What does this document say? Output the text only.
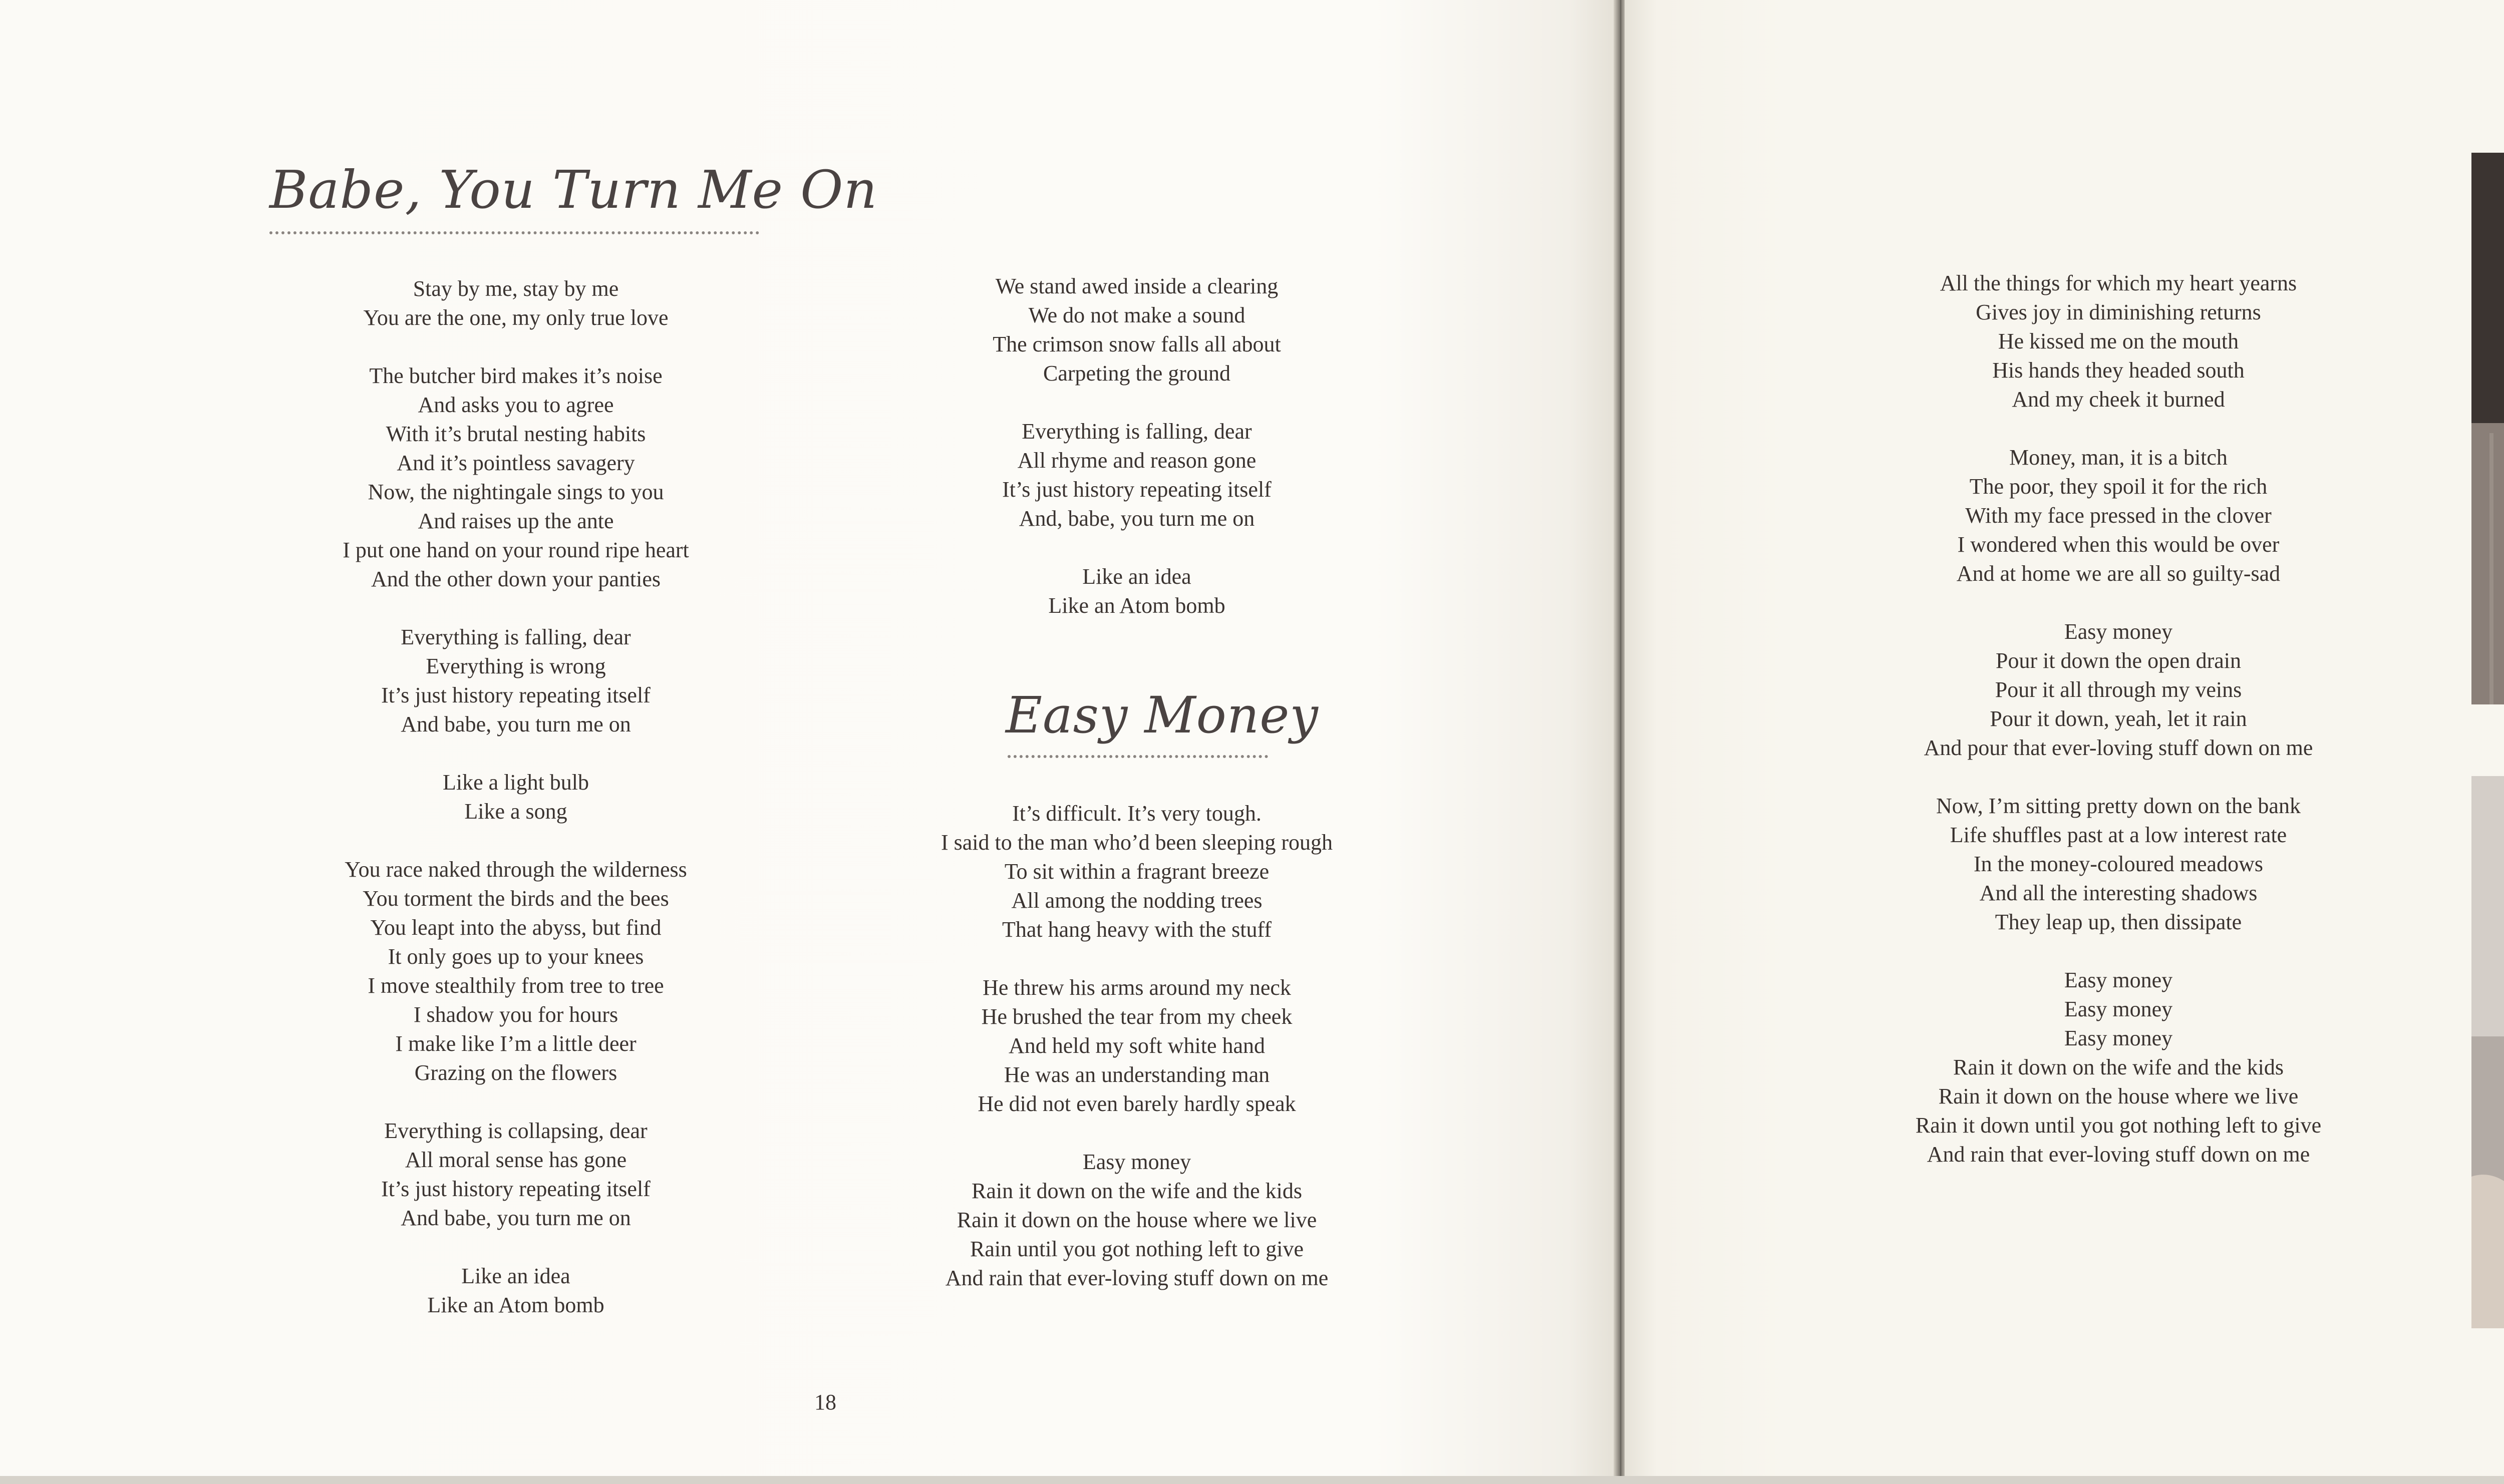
Babe, You Turn Me On
Stay by me, stay by me
You are the one, my only true love
The butcher bird makes it’s noise
And asks you to agree
With it’s brutal nesting habits
And it’s pointless savagery
Now, the nightingale sings to you
And raises up the ante
I put one hand on your round ripe heart
And the other down your panties
Everything is falling, dear
Everything is wrong
It’s just history repeating itself
And babe, you turn me on
Like a light bulb
Like a song
You race naked through the wilderness
You torment the birds and the bees
You leapt into the abyss, but find
It only goes up to your knees
I move stealthily from tree to tree
I shadow you for hours
I make like I’m a little deer
Grazing on the flowers
Everything is collapsing, dear
All moral sense has gone
It’s just history repeating itself
And babe, you turn me on
Like an idea
Like an Atom bomb
We stand awed inside a clearing
We do not make a sound
The crimson snow falls all about
Carpeting the ground
Everything is falling, dear
All rhyme and reason gone
It’s just history repeating itself
And, babe, you turn me on
Like an idea
Like an Atom bomb
Easy Money
It’s difficult. It’s very tough.
I said to the man who’d been sleeping rough
To sit within a fragrant breeze
All among the nodding trees
That hang heavy with the stuff
He threw his arms around my neck
He brushed the tear from my cheek
And held my soft white hand
He was an understanding man
He did not even barely hardly speak
Easy money
Rain it down on the wife and the kids
Rain it down on the house where we live
Rain until you got nothing left to give
And rain that ever-loving stuff down on me
18
All the things for which my heart yearns
Gives joy in diminishing returns
He kissed me on the mouth
His hands they headed south
And my cheek it burned
Money, man, it is a bitch
The poor, they spoil it for the rich
With my face pressed in the clover
I wondered when this would be over
And at home we are all so guilty-sad
Easy money
Pour it down the open drain
Pour it all through my veins
Pour it down, yeah, let it rain
And pour that ever-loving stuff down on me
Now, I’m sitting pretty down on the bank
Life shuffles past at a low interest rate
In the money-coloured meadows
And all the interesting shadows
They leap up, then dissipate
Easy money
Easy money
Easy money
Rain it down on the wife and the kids
Rain it down on the house where we live
Rain it down until you got nothing left to give
And rain that ever-loving stuff down on me
